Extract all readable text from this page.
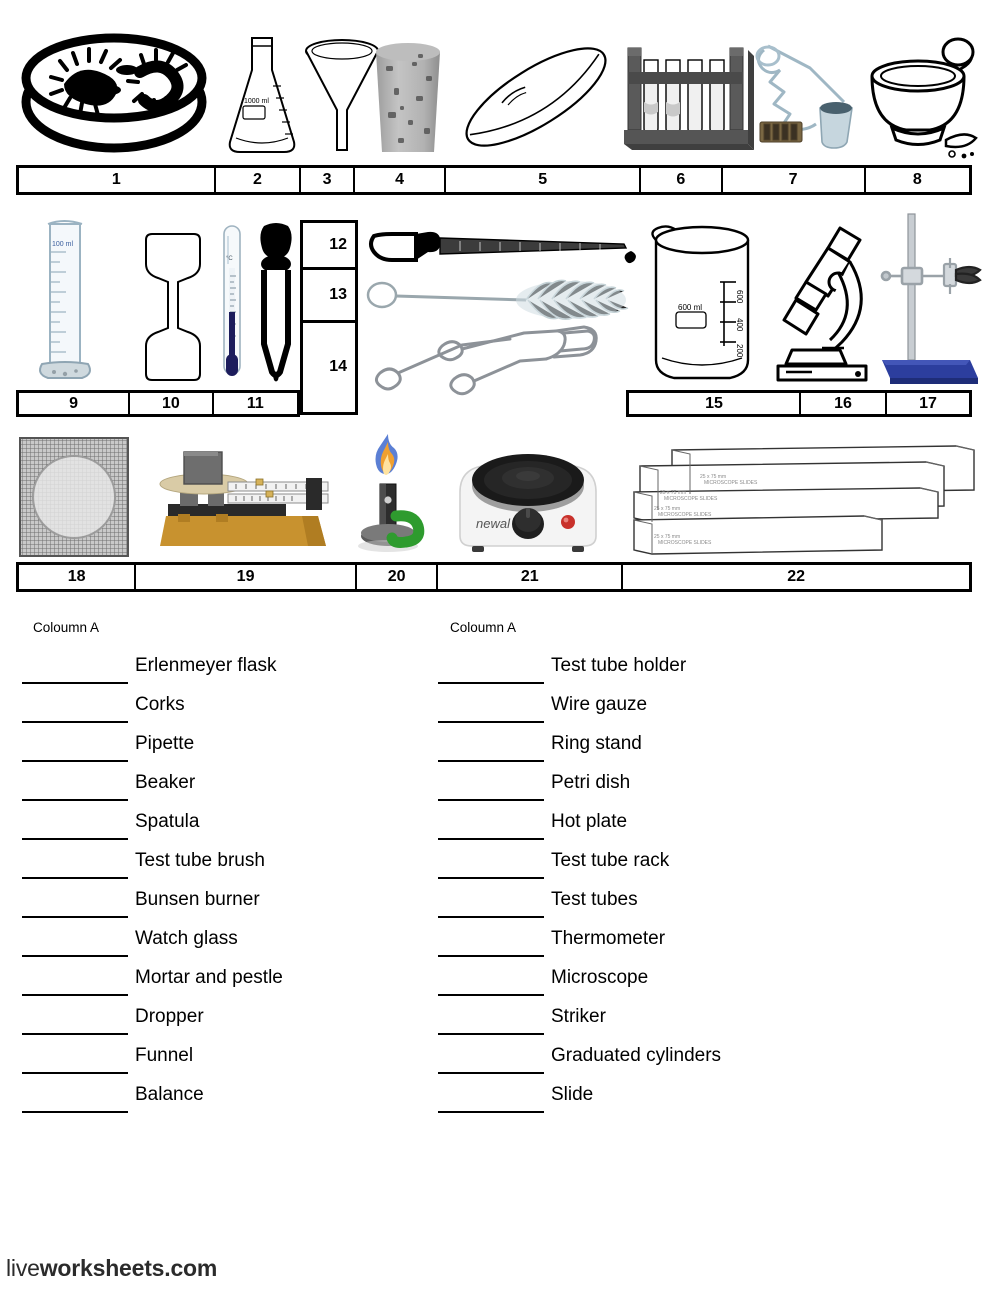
1000 ml
1	2	3	4	5	6	7	8
100 ml
°C
600
400
200
600 ml
9	10	11
12
13
14
15	16	17
newal
MICROSCOPE SLIDES
25 x 75 mm
MICROSCOPE SLIDES
25 x 75 mm
MICROSCOPE SLIDES
25 x 75 mm
MICROSCOPE SLIDES
25 x 75 mm
18	19	20	21	22
Coloumn A	Coloumn A
Erlenmeyer flask
Corks
Pipette
Beaker
Spatula
Test tube brush
Bunsen burner
Watch glass
Mortar and pestle
Dropper
Funnel
Balance
Test tube holder
Wire gauze
Ring stand
Petri dish
Hot plate
Test tube rack
Test tubes
Thermometer
Microscope
Striker
Graduated cylinders
Slide
liveworksheets.com
